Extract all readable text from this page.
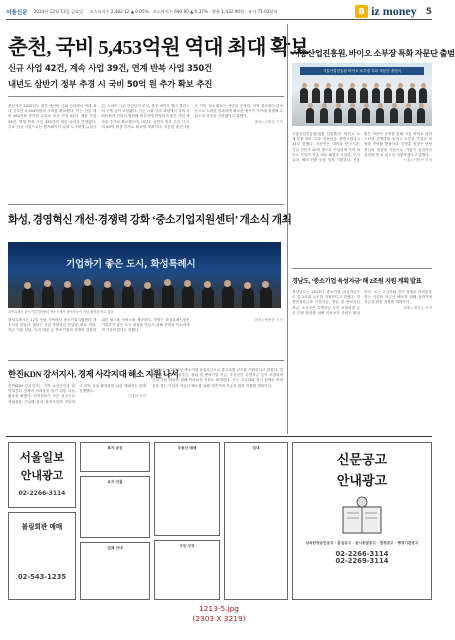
서울신문 2024년 12월 13일 금요일 코스피지수 2,482.12 ▲ 0.05% · 코스닥지수 690.80 ▲ 0.37% · 환율 1,432.90원 · 유가 71.02달러	B iz money 5
춘천, 국비 5,453억원 역대 최대 확보
신규 사업 42건, 계속 사업 39건, 연계 반복 사업 350건
내년도 삼반기 정부 추경 시 국비 50억 원 추가 확보 추진
춘천시가 2025년도 정부 예산안 국회 심의에서 역대 최대 규모인 5,453억원의 국비를 확보했다. 이는 전년 대비 462억원 증가한 수치로 신규 사업 42건, 계속 사업 39건, 연계 반복 사업 350건에 대한 국비가 반영됐다. 주요 신규 사업으로는 캠프페이지 일대 도시재생 뉴딜사업, 스마트 그린 산업단지 조성, 춘천 바이오 헬스 클러스터 구축 등이 포함됐다. 시는 국회 심의 과정에서 지역 국회의원과 긴밀히 협력해 정부안에 반영되지 않은 사업 예산을 추가로 확보했으며, 내년도 상반기 정부 추경 시 국비 50억 원을 추가로 확보할 계획이다. 육동한 춘천시장은 이번 국비 확보는 시민과 공직자, 지역 정치권이 한마음으로 노력한 결과라며 확보된 예산이 적기에 집행될 수 있도록 만전을 기하겠다고 말했다.
춘천=김정호 기자
화성, 경영혁신 개선·경쟁력 강화 ‘중소기업지원센터’ 개소식 개최
기업하기 좋은 도시, 화성특례시
화성특례시 중소기업지원센터 개소식에서 참석자들이 기념 촬영을 하고 있다.
화성특례시는 12일 동탄 지역에서 중소기업지원센터 개소식을 열었다. 센터는 기업 경영혁신 컨설팅, 판로 개척, 자금 지원 상담, 인력 매칭 등 중소기업의 경쟁력 강화를 위한 원스톱 서비스를 제공한다. 정명근 화성특례시장은 기업하기 좋은 도시 화성을 만들기 위해 현장의 목소리에 귀 기울이겠다고 말했다.
화성=박용준 기자
한진KDN 강서지사, 경제 사각지대 해소 지원 나서
한진KDN 강서지사는 지역 소상공인과 취약계층의 경제적 어려움을 덜기 위한 나눔 활동을 펼쳤다. 임직원들이 모은 성금으로 생필품을 구입해 관내 복지시설에 전달하고 지역 상권 활성화를 위한 캠페인도 함께 진행했다.
김대현 기자
경상남도는 2025년 중소기업 육성자금으로 총 2조원 규모를 지원한다고 밝혔다. 경영안정자금과 시설자금, 창업 및 벤처기업 자금, 소상공인 특별자금 등이 포함되며 금리 부담 완화를 위해 이차보전 지원도 확대한다. 도는 고금리와 경기 침체로 어려움을 겪는 기업의 자금난 해소를 위해 상반기에 자금을 집중 지원할 계획이다.
시흥산업진흥원, 바이오 소부장 특화 자문단 출범
시흥산업진흥원 바이오 소부장 특화 자문단 출범식
시흥산업진흥원(원장 한창훈)은 바이오 소재·부품·장비 특화 자문단을 출범시켰다고 12일 밝혔다. 자문단은 대학과 연구기관, 기업 전문가 20여 명으로 구성되며 지역 바이오 기업의 기술 애로 해결과 사업화, 투자 유치, 해외 진출 등을 밀착 지원한다. 진흥원은 자문단 운영을 통해 시흥 바이오 클러스터의 경쟁력을 높이고 소부장 기업의 성장을 견인할 방침이다. 한창훈 원장은 현장 중심의 맞춤형 자문으로 기업이 실질적인 성과를 낼 수 있도록 지원하겠다고 말했다.
시흥=이명선 기자
경남도, ‘중소기업 육성자금’ 해 2조원 지원 계획 발표
경상남도는 2025년 중소기업 육성자금으로 총 2조원 규모를 지원한다고 밝혔다. 경영안정자금과 시설자금, 창업 및 벤처기업 자금, 소상공인 특별자금 등이 포함되며 금리 부담 완화를 위해 이차보전 지원도 확대한다. 도는 고금리와 경기 침체로 어려움을 겪는 기업의 자금난 해소를 위해 상반기에 자금을 집중 지원할 계획이다.
창원=정민수 기자
서울일보
안내광고
02-2266-3114
볼링회관 매매
02-543-1235
복지·공공
토지·건물
업체 안내
부동산 매매
구인·구직
임대
신문공고
안내광고
상속한정승인공고 · 분실공고 · 공시송달공고 · 법원공고 · 행정기관공고
02-2266-3114
02-2269-3114
1213-5.jpg
(2303 X 3219)
